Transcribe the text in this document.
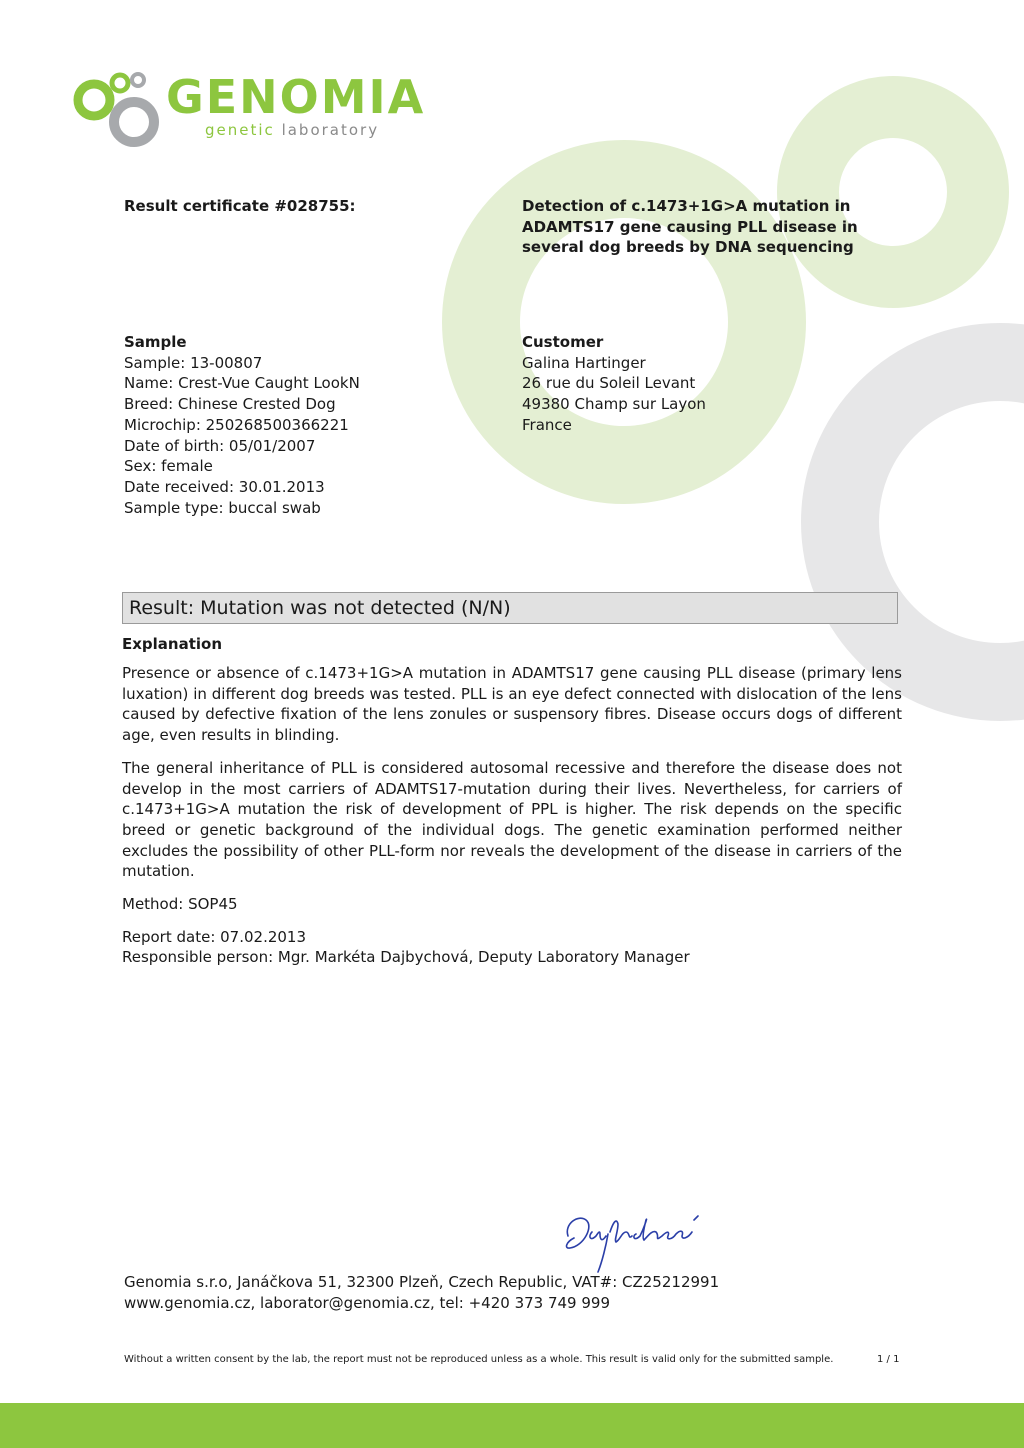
GENOMIA
genetic laboratory
Result certificate #028755:	Detection of c.1473+1G>A mutation in
ADAMTS17 gene causing PLL disease in
several dog breeds by DNA sequencing
Sample
Sample: 13-00807
Name: Crest-Vue Caught LookN
Breed: Chinese Crested Dog
Microchip: 250268500366221
Date of birth: 05/01/2007
Sex: female
Date received: 30.01.2013
Sample type: buccal swab
Customer
Galina Hartinger
26 rue du Soleil Levant
49380 Champ sur Layon
France
Result: Mutation was not detected (N/N)
Explanation

Presence or absence of c.1473+1G>A mutation in ADAMTS17 gene causing PLL disease (primary lens luxation) in different dog breeds was tested. PLL is an eye defect connected with dislocation of the lens caused by defective fixation of the lens zonules or suspensory fibres. Disease occurs dogs of different age, even results in blinding.

The general inheritance of PLL is considered autosomal recessive and therefore the disease does not develop in the most carriers of ADAMTS17-mutation during their lives. Nevertheless, for carriers of c.1473+1G>A mutation the risk of development of PPL is higher. The risk depends on the specific breed or genetic background of the individual dogs. The genetic examination performed neither excludes the possibility of other PLL-form nor reveals the development of the disease in carriers of the mutation.

Method: SOP45

Report date: 07.02.2013
Responsible person: Mgr. Markéta Dajbychová, Deputy Laboratory Manager

Genomia s.r.o, Janáčkova 51, 32300 Plzeň, Czech Republic, VAT#: CZ25212991
www.genomia.cz, laborator@genomia.cz, tel: +420 373 749 999
Without a written consent by the lab, the report must not be reproduced unless as a whole. This result is valid only for the submitted sample.	1 / 1
